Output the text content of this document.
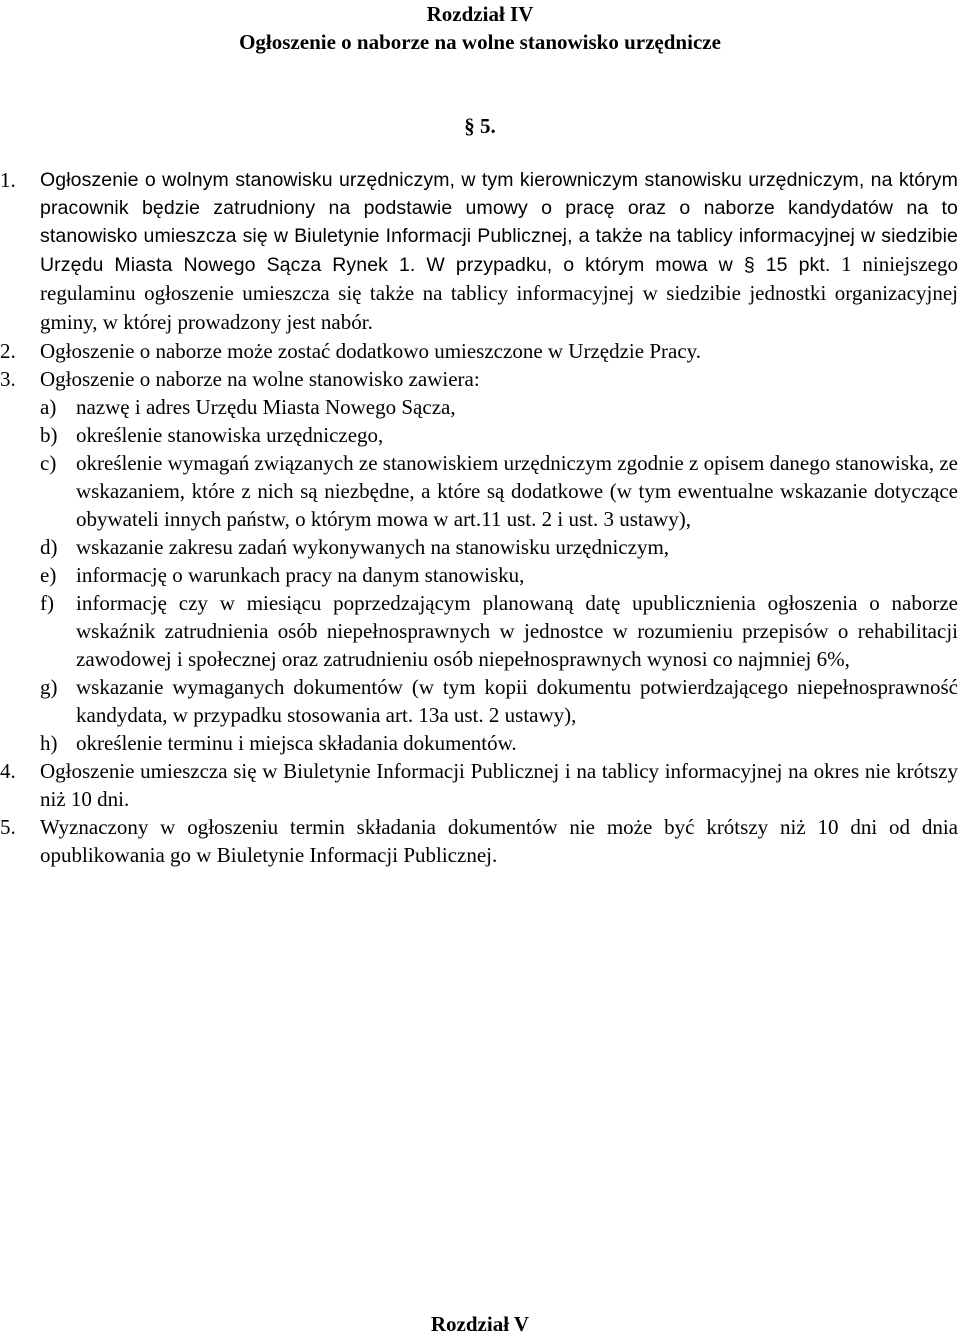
Rozdział IV
Ogłoszenie o naborze na wolne stanowisko urzędnicze
§ 5.
1.	Ogłoszenie o wolnym stanowisku urzędniczym, w tym kierowniczym stanowisku urzędniczym, na którym pracownik będzie zatrudniony na podstawie umowy o pracę oraz o naborze kandydatów na to stanowisko umieszcza się w Biuletynie Informacji Publicznej, a także na tablicy informacyjnej w siedzibie Urzędu Miasta Nowego Sącza Rynek 1. W przypadku, o którym mowa w § 15 pkt. 1 niniejszego regulaminu ogłoszenie umieszcza się także na tablicy informacyjnej w siedzibie jednostki organizacyjnej gminy, w której prowadzony jest nabór.
2.	Ogłoszenie o naborze może zostać dodatkowo umieszczone w Urzędzie Pracy.
3.	Ogłoszenie o naborze na wolne stanowisko zawiera:
a) nazwę i adres Urzędu Miasta Nowego Sącza,
b) określenie stanowiska urzędniczego,
c) określenie wymagań związanych ze stanowiskiem urzędniczym zgodnie z opisem danego stanowiska, ze wskazaniem, które z nich są niezbędne, a które są dodatkowe (w tym ewentualne wskazanie dotyczące obywateli innych państw, o którym mowa w art.11 ust. 2 i ust. 3 ustawy),
d) wskazanie zakresu zadań wykonywanych na stanowisku urzędniczym,
e) informację o warunkach pracy na danym stanowisku,
f)	informację czy w miesiącu poprzedzającym planowaną datę upublicznienia ogłoszenia o naborze wskaźnik zatrudnienia osób niepełnosprawnych w jednostce w rozumieniu przepisów o rehabilitacji zawodowej i społecznej oraz zatrudnieniu osób niepełnosprawnych wynosi co najmniej 6%,
g) wskazanie wymaganych dokumentów (w tym kopii dokumentu potwierdzającego niepełnosprawność kandydata, w przypadku stosowania art. 13a ust. 2 ustawy),
h) określenie terminu i miejsca składania dokumentów.
4.	Ogłoszenie umieszcza się w Biuletynie Informacji Publicznej i na tablicy informacyjnej na okres nie krótszy niż 10 dni.
5.	Wyznaczony w ogłoszeniu termin składania dokumentów nie może być krótszy niż 10 dni od dnia opublikowania go w Biuletynie Informacji Publicznej.
Rozdział V
